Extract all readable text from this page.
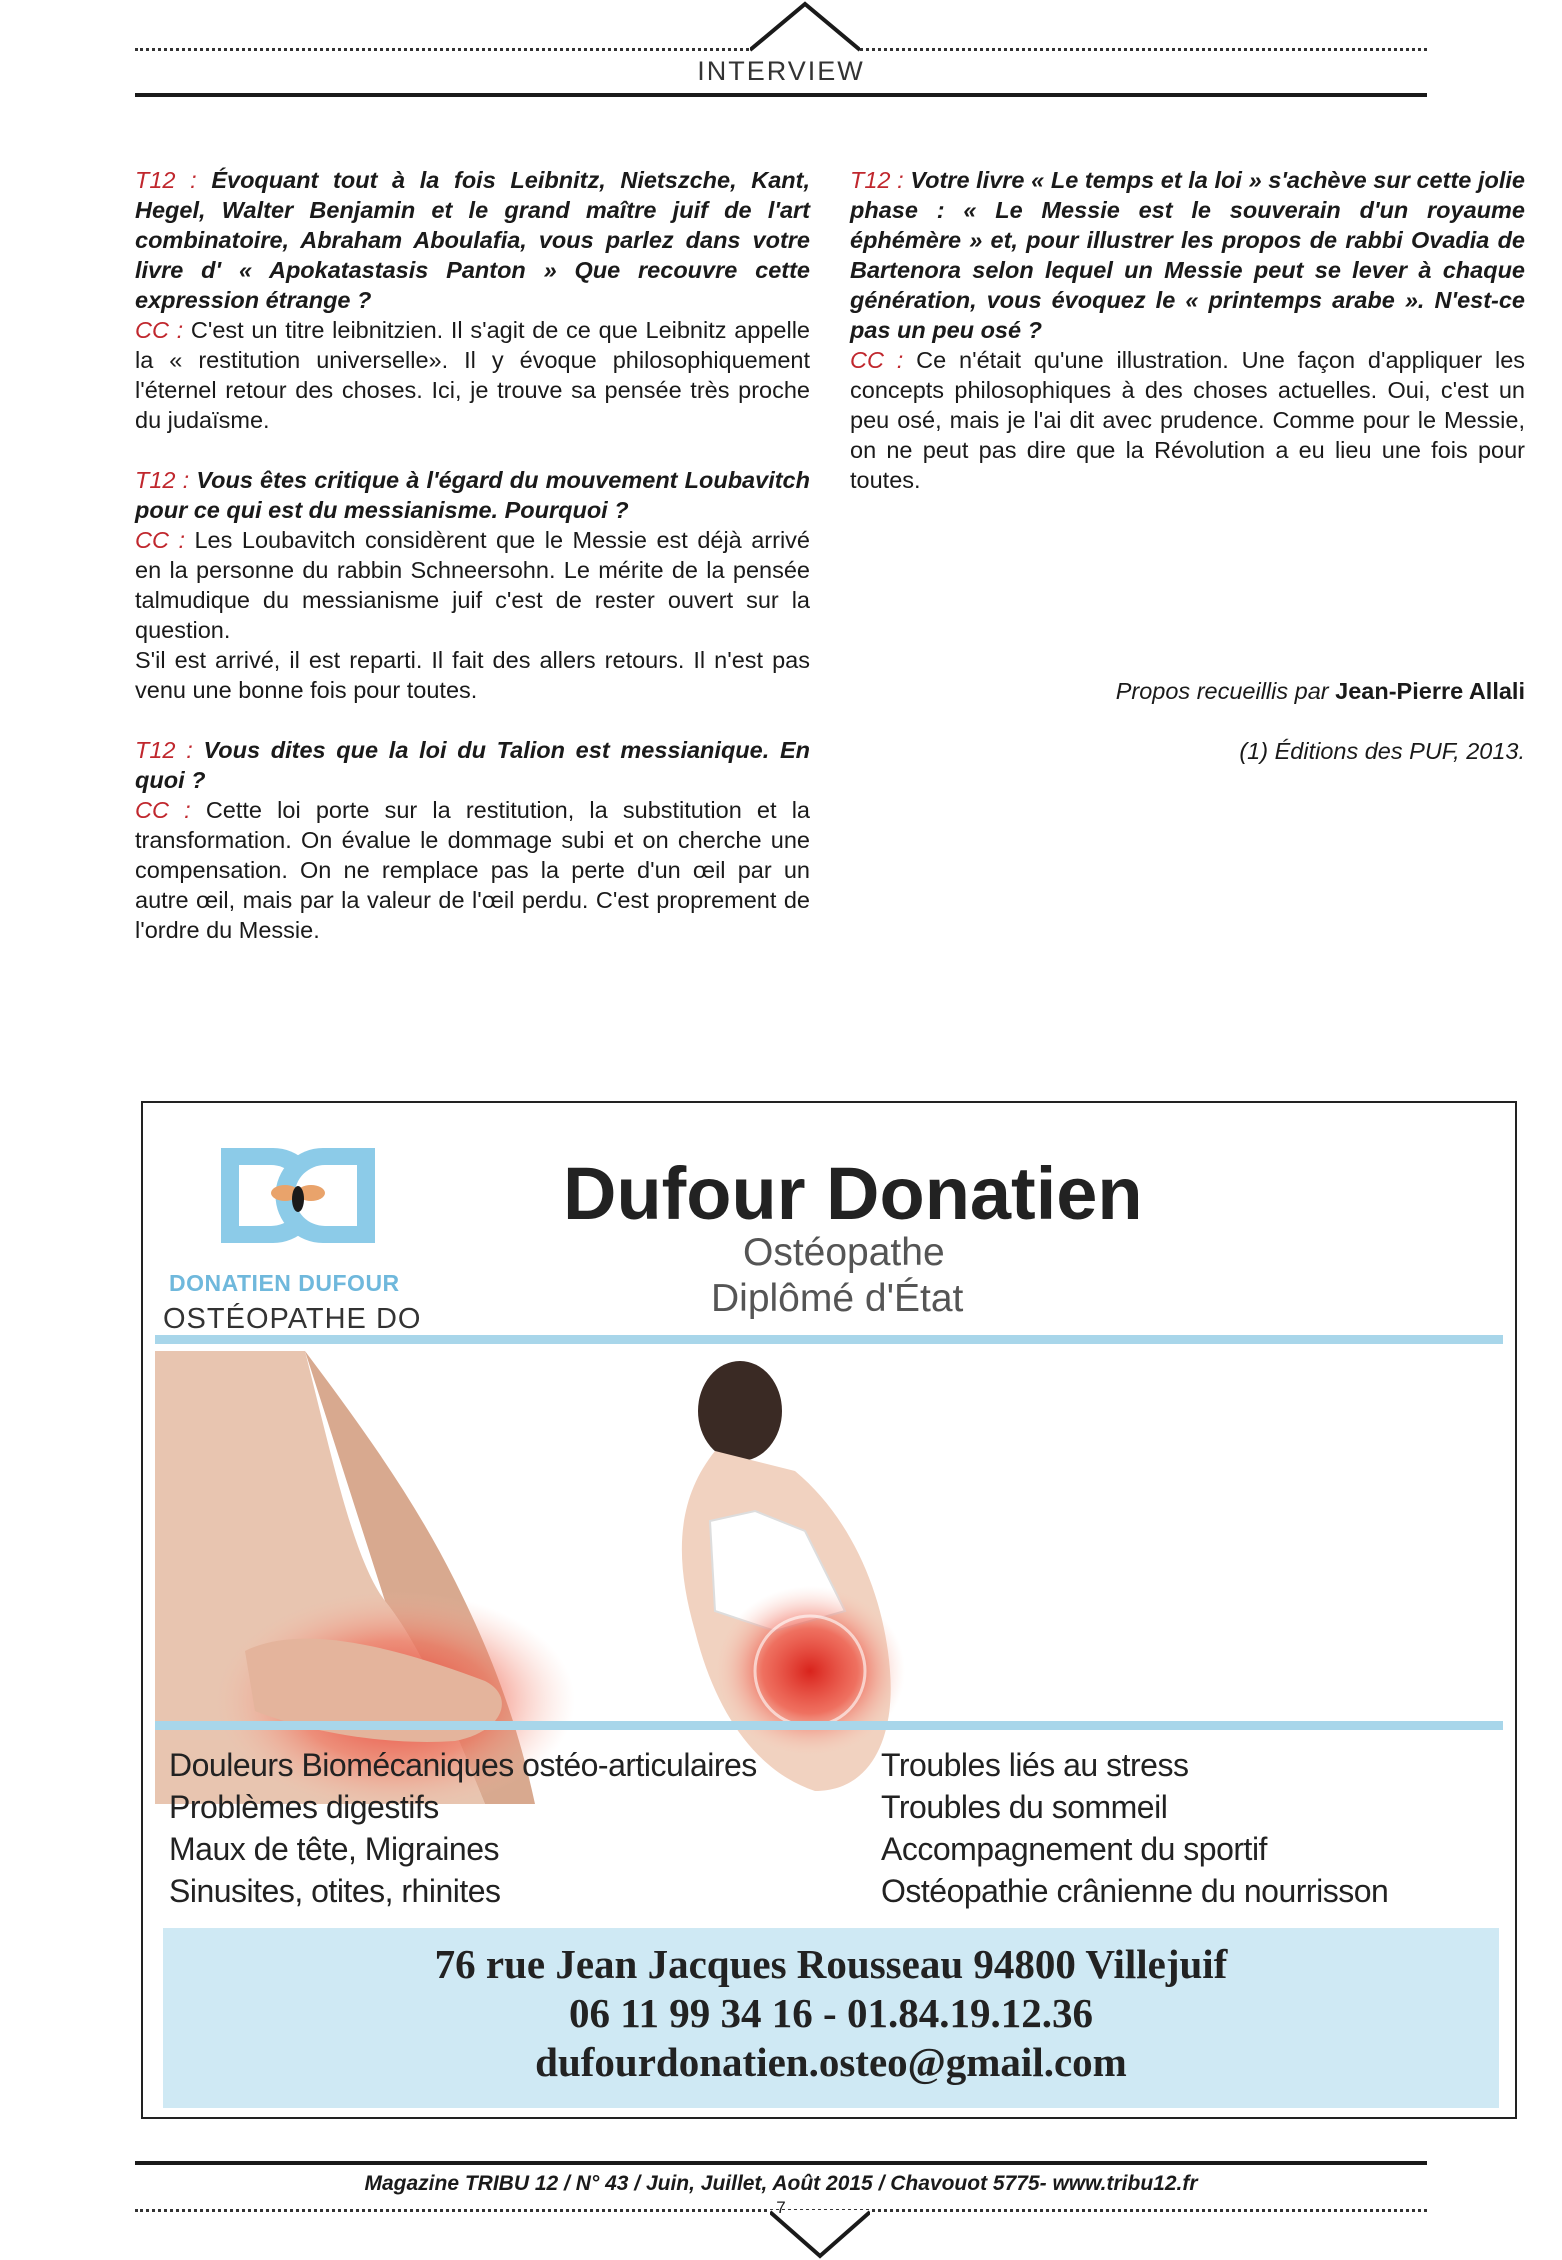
INTERVIEW
T12 : Évoquant tout à la fois Leibnitz, Nietszche, Kant, Hegel, Walter Benjamin et le grand maître juif de l'art combinatoire, Abraham Aboulafia, vous parlez dans votre livre d' « Apokatastasis Panton » Que recouvre cette expression étrange ?

CC : C'est un titre leibnitzien. Il s'agit de ce que Leibnitz appelle la « restitution universelle». Il y évoque philosophiquement l'éternel retour des choses. Ici, je trouve sa pensée très proche du judaïsme.

T12 : Vous êtes critique à l'égard du mouvement Loubavitch pour ce qui est du messianisme. Pourquoi ?

CC : Les Loubavitch considèrent que le Messie est déjà arrivé en la personne du rabbin Schneersohn. Le mérite de la pensée talmudique du messianisme juif c'est de rester ouvert sur la question.

S'il est arrivé, il est reparti. Il fait des allers retours. Il n'est pas venu une bonne fois pour toutes.

T12 : Vous dites que la loi du Talion est messianique. En quoi ?

CC : Cette loi porte sur la restitution, la substitution et la transformation. On évalue le dommage subi et on cherche une compensation. On ne remplace pas la perte d'un œil par un autre œil, mais par la valeur de l'œil perdu. C'est proprement de l'ordre du Messie.

T12 : Votre livre « Le temps et la loi » s'achève sur cette jolie phase : « Le Messie est le souverain d'un royaume éphémère » et, pour illustrer les propos de rabbi Ovadia de Bartenora selon lequel un Messie peut se lever à chaque génération, vous évoquez le « printemps arabe ». N'est-ce pas un peu osé ?

CC : Ce n'était qu'une illustration. Une façon d'appliquer les concepts philosophiques à des choses actuelles. Oui, c'est un peu osé, mais je l'ai dit avec prudence. Comme pour le Messie, on ne peut pas dire que la Révolution a eu lieu une fois pour toutes.

Propos recueillis par Jean-Pierre Allali
(1) Éditions des PUF, 2013.
DONATIEN DUFOUR
OSTÉOPATHE DO
Dufour Donatien
Ostéopathe
Diplômé d'État
Douleurs Biomécaniques ostéo-articulaires
Problèmes digestifs
Maux de tête, Migraines
Sinusites, otites, rhinites
Troubles liés au stress
Troubles du sommeil
Accompagnement du sportif
Ostéopathie crânienne du nourrisson
76 rue Jean Jacques Rousseau 94800 Villejuif
06 11 99 34 16 - 01.84.19.12.36
dufourdonatien.osteo@gmail.com
Magazine TRIBU 12 / N° 43 / Juin, Juillet, Août 2015 / Chavouot 5775- www.tribu12.fr
7
